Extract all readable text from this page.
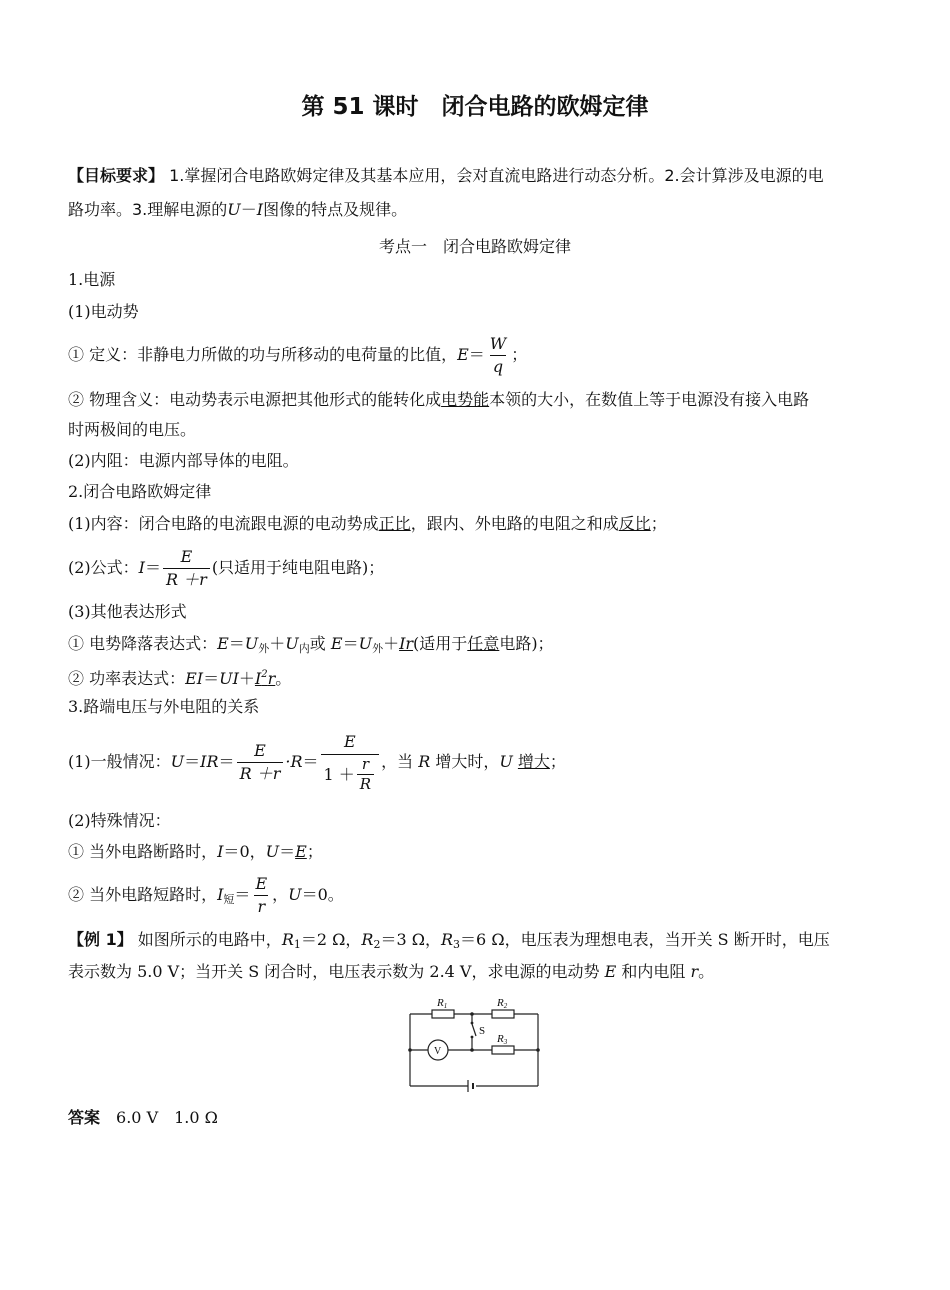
第 51 课时　闭合电路的欧姆定律
【目标要求】 1.掌握闭合电路欧姆定律及其基本应用，会对直流电路进行动态分析。2.会计算涉及电源的电
路功率。3.理解电源的U－I图像的特点及规律。
考点一　闭合电路欧姆定律
1.电源
(1)电动势
① 定义：非静电力所做的功与所移动的电荷量的比值，$E= \frac{W}{q}$ ；
② 物理含义：电动势表示电源把其他形式的能转化成电势能本领的大小，在数值上等于电源没有接入电路
时两极间的电压。
(2)内阻：电源内部导体的电阻。
2.闭合电路欧姆定律
(1)内容：闭合电路的电流跟电源的电动势成正比，跟内、外电路的电阻之和成反比；
(2)公式：$I= \frac{E}{R +r}$ (只适用于纯电阻电路)；
(3)其他表达形式
① 电势降落表达式：$E=U_外+U_内$或 $E=U_外+Ir$(适用于任意电路)；
② 功率表达式：$EI=UI+I^2r$。
3.路端电压与外电阻的关系
(1)一般情况：$U=IR= \frac{E}{R +r} \cdot R= \frac{E}{1 + \frac{r}{R}}$ ，当 R 增大时，U 增大；
(2)特殊情况：
① 当外电路断路时，I＝0，U＝E；
② 当外电路短路时，$I_短= \frac{E}{r}$ ，U＝0。
【例 1】 如图所示的电路中，$R_1=2$ Ω，$R_2=3$ Ω，$R_3=6$ Ω，电压表为理想电表，当开关 S 断开时，电压
表示数为 5.0 V；当开关 S 闭合时，电压表示数为 2.4 V，求电源的电动势 E 和内电阻 r。
R1	R2
R3
S
V
答案　 6.0 V　1.0 Ω
